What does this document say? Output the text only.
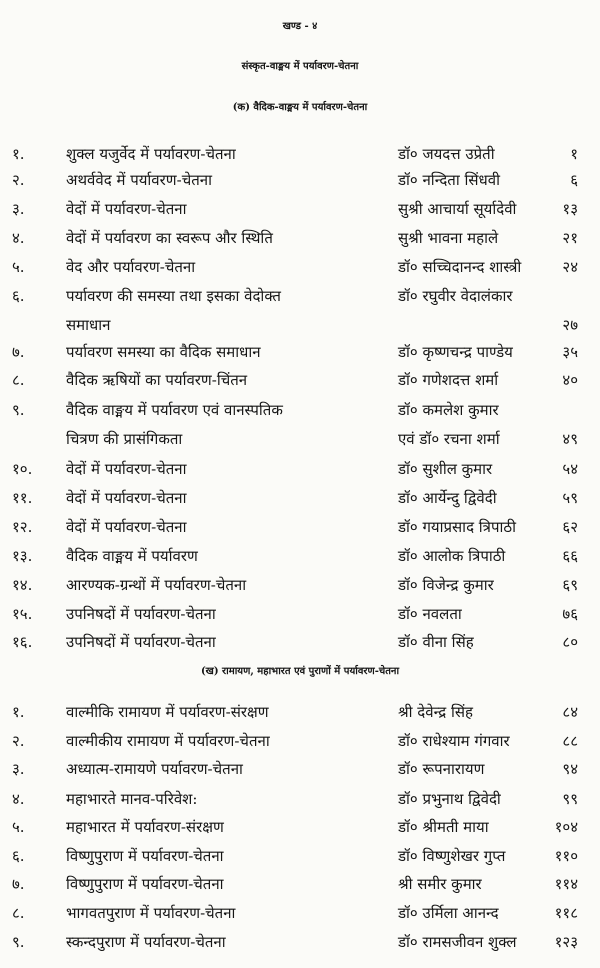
खण्ड - ४
संस्कृत-वाङ्मय में पर्यावरण-चेतना
(क) वैदिक-वाङ्मय में पर्यावरण-चेतना
१.	शुक्ल यजुर्वेद में पर्यावरण-चेतना	डॉ० जयदत्त उप्रेती	१
२.	अथर्ववेद में पर्यावरण-चेतना	डॉ० नन्दिता सिंधवी	६
३.	वेदों में पर्यावरण-चेतना	सुश्री आचार्या सूर्यादेवी	१३
४.	वेदों में पर्यावरण का स्वरूप और स्थिति	सुश्री भावना महाले	२१
५.	वेद और पर्यावरण-चेतना	डॉ० सच्चिदानन्द शास्त्री	२४
६.	पर्यावरण की समस्या तथा इसका वेदोक्त	डॉ० रघुवीर वेदालंकार
समाधान	२७
७.	पर्यावरण समस्या का वैदिक समाधान	डॉ० कृष्णचन्द्र पाण्डेय	३५
८.	वैदिक ऋषियों का पर्यावरण-चिंतन	डॉ० गणेशदत्त शर्मा	४०
९.	वैदिक वाङ्मय में पर्यावरण एवं वानस्पतिक	डॉ० कमलेश कुमार
चित्रण की प्रासंगिकता	एवं डॉ० रचना शर्मा	४९
१०. वेदों में पर्यावरण-चेतना	डॉ० सुशील कुमार	५४
११. वेदों में पर्यावरण-चेतना	डॉ० आर्येन्दु द्विवेदी	५९
१२. वेदों में पर्यावरण-चेतना	डॉ० गयाप्रसाद त्रिपाठी	६२
१३. वैदिक वाङ्मय में पर्यावरण	डॉ० आलोक त्रिपाठी	६६
१४. आरण्यक-ग्रन्थों में पर्यावरण-चेतना	डॉ० विजेन्द्र कुमार	६९
१५. उपनिषदों में पर्यावरण-चेतना	डॉ० नवलता	७६
१६. उपनिषदों में पर्यावरण-चेतना	डॉ० वीना सिंह	८०
(ख) रामायण, महाभारत एवं पुराणों में पर्यावरण-चेतना
१.	वाल्मीकि रामायण में पर्यावरण-संरक्षण	श्री देवेन्द्र सिंह	८४
२.	वाल्मीकीय रामायण में पर्यावरण-चेतना	डॉ० राधेश्याम गंगवार	८८
३.	अध्यात्म-रामायणे पर्यावरण-चेतना	डॉ० रूपनारायण	९४
४.	महाभारते मानव-परिवेश:	डॉ० प्रभुनाथ द्विवेदी	९९
५.	महाभारत में पर्यावरण-संरक्षण	डॉ० श्रीमती माया	१०४
६.	विष्णुपुराण में पर्यावरण-चेतना	डॉ० विष्णुशेखर गुप्त	११०
७.	विष्णुपुराण में पर्यावरण-चेतना	श्री समीर कुमार	११४
८.	भागवतपुराण में पर्यावरण-चेतना	डॉ० उर्मिला आनन्द	११८
९.	स्कन्दपुराण में पर्यावरण-चेतना	डॉ० रामसजीवन शुक्ल	१२३
